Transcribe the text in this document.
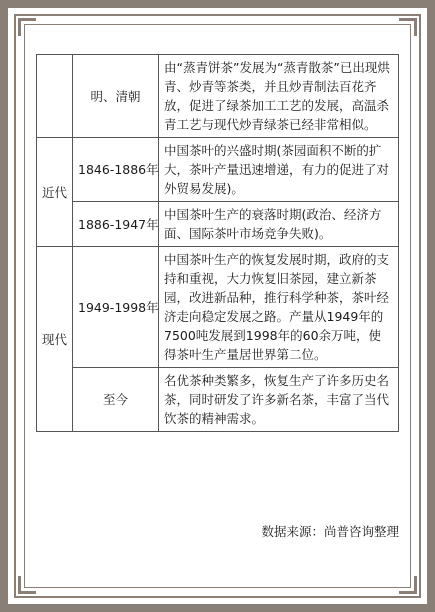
	明、清朝	由“蒸青饼茶”发展为“蒸青散茶”已出现烘青、炒青等茶类，并且炒青制法百花齐放，促进了绿茶加工工艺的发展，高温杀青工艺与现代炒青绿茶已经非常相似。
近代	1846-1886年	中国茶叶的兴盛时期(茶园面积不断的扩大，茶叶产量迅速增递，有力的促进了对外贸易发展)。
	1886-1947年	中国茶叶生产的衰落时期(政治、经济方面、国际茶叶市场竞争失败)。
现代	1949-1998年	中国茶叶生产的恢复发展时期，政府的支持和重视，大力恢复旧茶园，建立新茶园，改进新品种，推行科学种茶，茶叶经济走向稳定发展之路。产量从1949年的7500吨发展到1998年的60余万吨，使得茶叶生产量居世界第二位。
	至今	名优茶种类繁多，恢复生产了许多历史名茶，同时研发了许多新名茶，丰富了当代饮茶的精神需求。
数据来源：尚普咨询整理
